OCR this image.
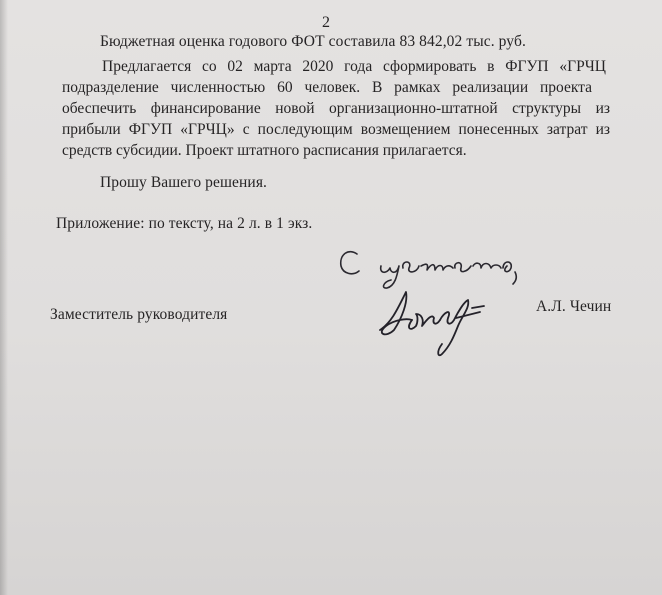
2
Бюджетная оценка годового ФОТ составила 83 842,02 тыс. руб.
Предлагается со 02 марта 2020 года сформировать в ФГУП «ГРЧЦ
подразделение численностью 60 человек. В рамках реализации проекта
обеспечить финансирование новой организационно-штатной структуры из
прибыли ФГУП «ГРЧЦ» с последующим возмещением понесенных затрат из
средств субсидии. Проект штатного расписания прилагается.
Прошу Вашего решения.
Приложение: по тексту, на 2 л. в 1 экз.
Заместитель руководителя	А.Л. Чечин
